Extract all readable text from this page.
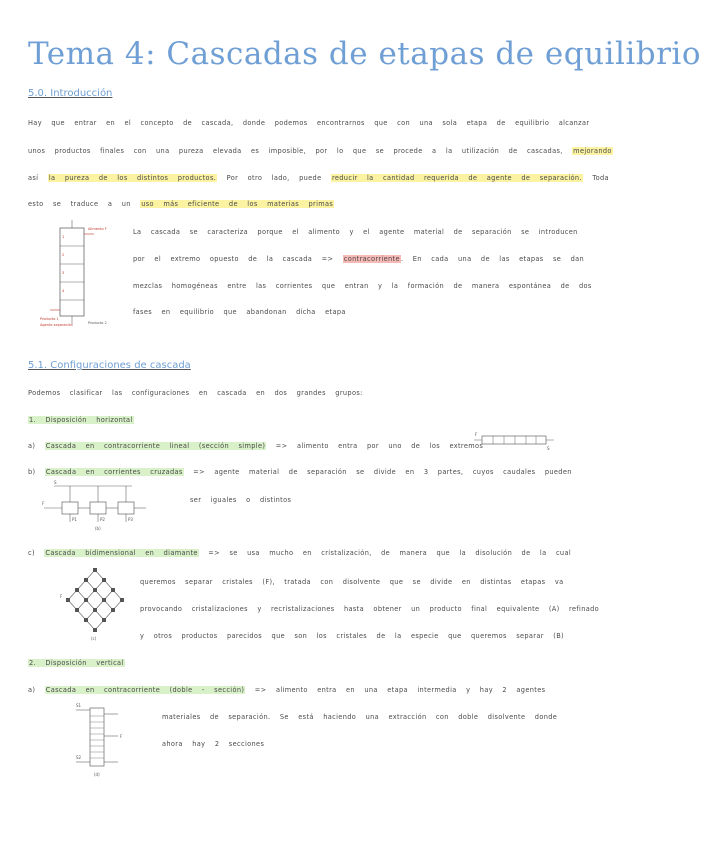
Tema 4: Cascadas de etapas de equilibrio
5.0. Introducción
Hay que entrar en el concepto de cascada, donde podemos encontrarnos que con una sola etapa de equilibrio alcanzar
unos productos finales con una pureza elevada es imposible, por lo que se procede a la utilización de cascadas, mejorando
así la pureza de los distintos productos. Por otro lado, puede reducir la cantidad requerida de agente de separación. Toda
esto se traduce a un uso más eficiente de los materias primas
1
2
3
4
Alimento F
Producto 1
Producto 2
Agente separación
La cascada se caracteriza porque el alimento y el agente material de separación se introducen
por el extremo opuesto de la cascada => contracorriente. En cada una de las etapas se dan
mezclas homogéneas entre las corrientes que entran y la formación de manera espontánea de dos
fases en equilibrio que abandonan dicha etapa
5.1. Configuraciones de cascada
Podemos clasificar las configuraciones en cascada en dos grandes grupos:
1. Disposición horizontal
a) Cascada en contracorriente lineal (sección simple) => alimento entra por uno de los extremos
F
S
b) Cascada en corrientes cruzadas => agente material de separación se divide en 3 partes, cuyos caudales pueden
S
F
P1	P2	P3
(b)
ser iguales o distintos
c) Cascada bidimensional en diamante => se usa mucho en cristalización, de manera que la disolución de la cual
F
(c)
queremos separar cristales (F), tratada con disolvente que se divide en distintas etapas va
provocando cristalizaciones y recristalizaciones hasta obtener un producto final equivalente (A) refinado
y otros productos parecidos que son los cristales de la especie que queremos separar (B)
2. Disposición vertical
a) Cascada en contracorriente (doble - sección) => alimento entra en una etapa intermedia y hay 2 agentes
S1
F
S2
(d)
materiales de separación. Se está haciendo una extracción con doble disolvente donde
ahora hay 2 secciones
